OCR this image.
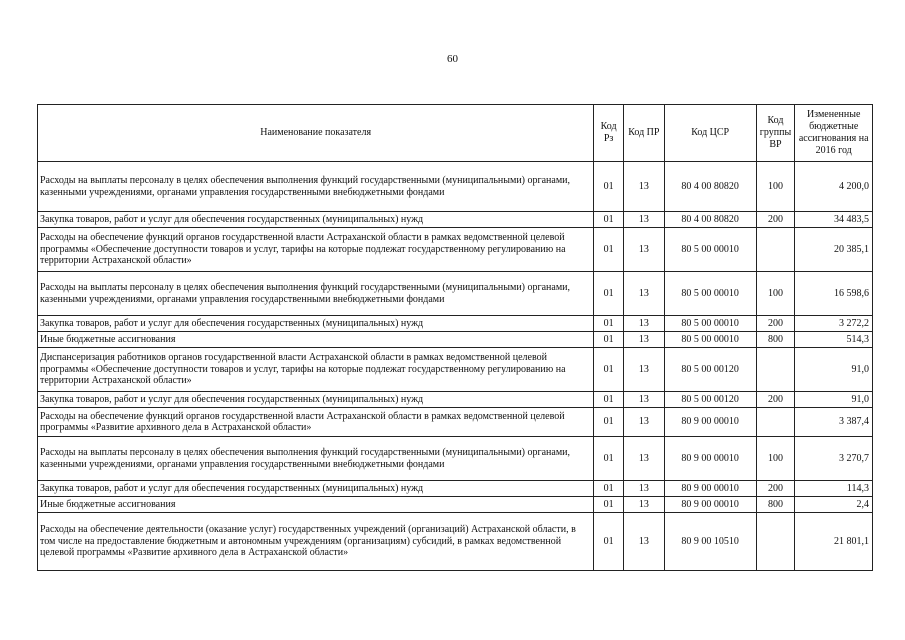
60
Наименование показателя	Код Рз	Код ПР	Код ЦСР	Код группы ВР	Измененные бюджетные ассигнования на 2016 год
Расходы на выплаты персоналу в целях обеспечения выполнения функций государственными (муниципальными) органами, казенными учреждениями, органами управления государственными внебюджетными фондами	01	13	80 4 00 80820	100	4 200,0
Закупка товаров, работ и услуг для обеспечения государственных (муниципальных) нужд	01	13	80 4 00 80820	200	34 483,5
Расходы на обеспечение функций органов государственной власти Астраханской области в рамках ведомственной целевой программы «Обеспечение доступности товаров и услуг, тарифы на которые подлежат государственному регулированию на территории Астраханской области»	01	13	80 5 00 00010		20 385,1
Расходы на выплаты персоналу в целях обеспечения выполнения функций государственными (муниципальными) органами, казенными учреждениями, органами управления государственными внебюджетными фондами	01	13	80 5 00 00010	100	16 598,6
Закупка товаров, работ и услуг для обеспечения государственных (муниципальных) нужд	01	13	80 5 00 00010	200	3 272,2
Иные бюджетные ассигнования	01	13	80 5 00 00010	800	514,3
Диспансеризация работников органов государственной власти Астраханской области в рамках ведомственной целевой программы «Обеспечение доступности товаров и услуг, тарифы на которые подлежат государственному регулированию на территории Астраханской области»	01	13	80 5 00 00120		91,0
Закупка товаров, работ и услуг для обеспечения государственных (муниципальных) нужд	01	13	80 5 00 00120	200	91,0
Расходы на обеспечение функций органов государственной власти Астраханской области в рамках ведомственной целевой программы «Развитие архивного дела в Астраханской области»	01	13	80 9 00 00010		3 387,4
Расходы на выплаты персоналу в целях обеспечения выполнения функций государственными (муниципальными) органами, казенными учреждениями, органами управления государственными внебюджетными фондами	01	13	80 9 00 00010	100	3 270,7
Закупка товаров, работ и услуг для обеспечения государственных (муниципальных) нужд	01	13	80 9 00 00010	200	114,3
Иные бюджетные ассигнования	01	13	80 9 00 00010	800	2,4
Расходы на обеспечение деятельности (оказание услуг) государственных учреждений (организаций) Астраханской области, в том числе на предоставление бюджетным и автономным учреждениям (организациям) субсидий, в рамках ведомственной целевой программы «Развитие архивного дела в Астраханской области»	01	13	80 9 00 10510		21 801,1
